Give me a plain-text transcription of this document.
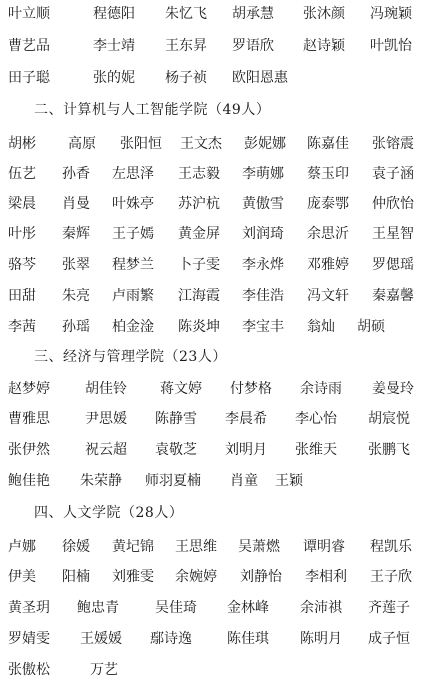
叶立顺	程德阳 朱忆飞 胡承慧 张沐颜 冯琬颖
曹艺品	李士靖 王东昇 罗语欣 赵诗颖 叶凯怡
田子聪	张的妮 杨子祯 欧阳恩惠
二、计算机与人工智能学院（49人）
胡彬 高原 张阳恒 王文杰 彭妮娜 陈嘉佳 张镕震
伍艺 孙香 左思泽 王志毅 李萌娜 蔡玉印 袁子涵
梁晨 肖曼 叶姝亭 苏沪杭 黄傲雪 庞泰鄂 仲欣怡
叶彤 秦辉 王子嫣 黄金屏 刘润琦 余思沂 王星智
骆芩 张翠 程梦兰 卜子雯 李永烨 邓雅婷 罗偲瑶
田甜 朱亮 卢雨繁 江海霞 李佳浩 冯文轩 秦嘉馨
李茜 孙瑶 柏金淦 陈炎坤 李宝丰 翁灿 胡硕
三、经济与管理学院（23人）
赵梦婷	胡佳铃 蒋文婷 付梦格 余诗雨 姜曼玲
曹雅思	尹思媛 陈静雪 李晨希 李心怡 胡宸悦
张伊然	祝云超 袁敬芝 刘明月 张维天 张鹏飞
鲍佳艳 朱荣静 师羽夏楠 肖童 王颖
四、人文学院（28人）
卢娜 徐媛 黄圮锦 王思维 吴萧燃 谭明睿 程凯乐
伊美 阳楠 刘雅雯 余婉婷 刘静怡 李相利 王子欣
黄圣玥 鲍忠青	吴佳琦 金林峰 余沛祺 齐莲子
罗婧雯 王媛媛 鄢诗逸	陈佳琪 陈明月 成子恒
张傲松	万艺
